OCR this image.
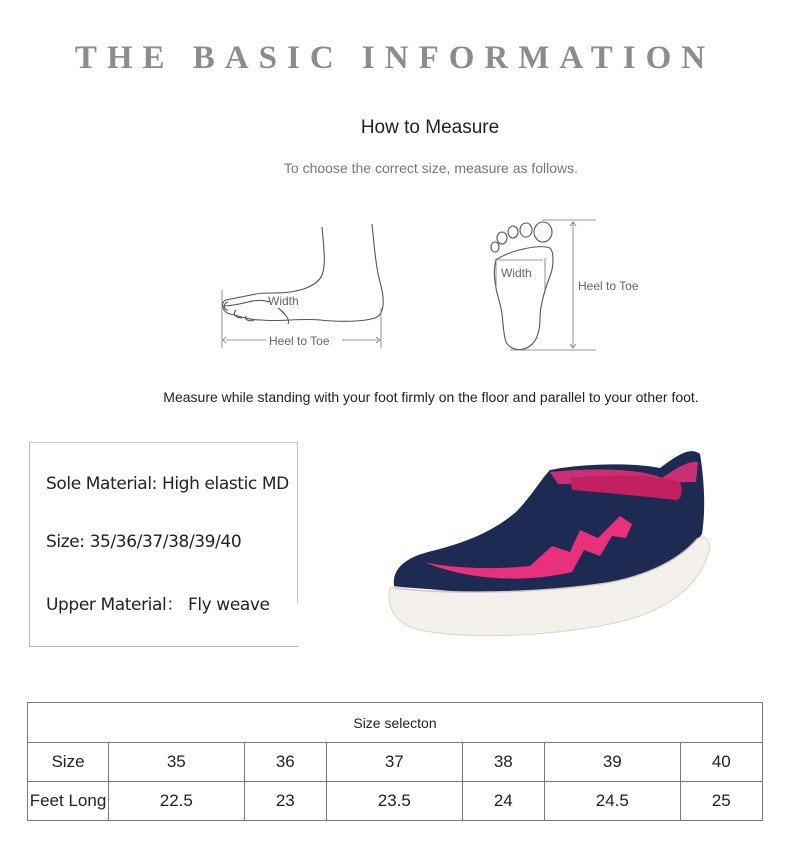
THE BASIC INFORMATION
How to Measure
To choose the correct size, measure as follows.
Width
Heel to Toe
Width
Heel to Toe
Measure while standing with your foot firmly on the floor and parallel to your other foot.
Sole Material: High elastic MD
Size: 35/36/37/38/39/40
Upper Material： Fly weave
Size selecton						
Size	35	36	37	38	39	40
Feet Long	22.5	23	23.5	24	24.5	25
